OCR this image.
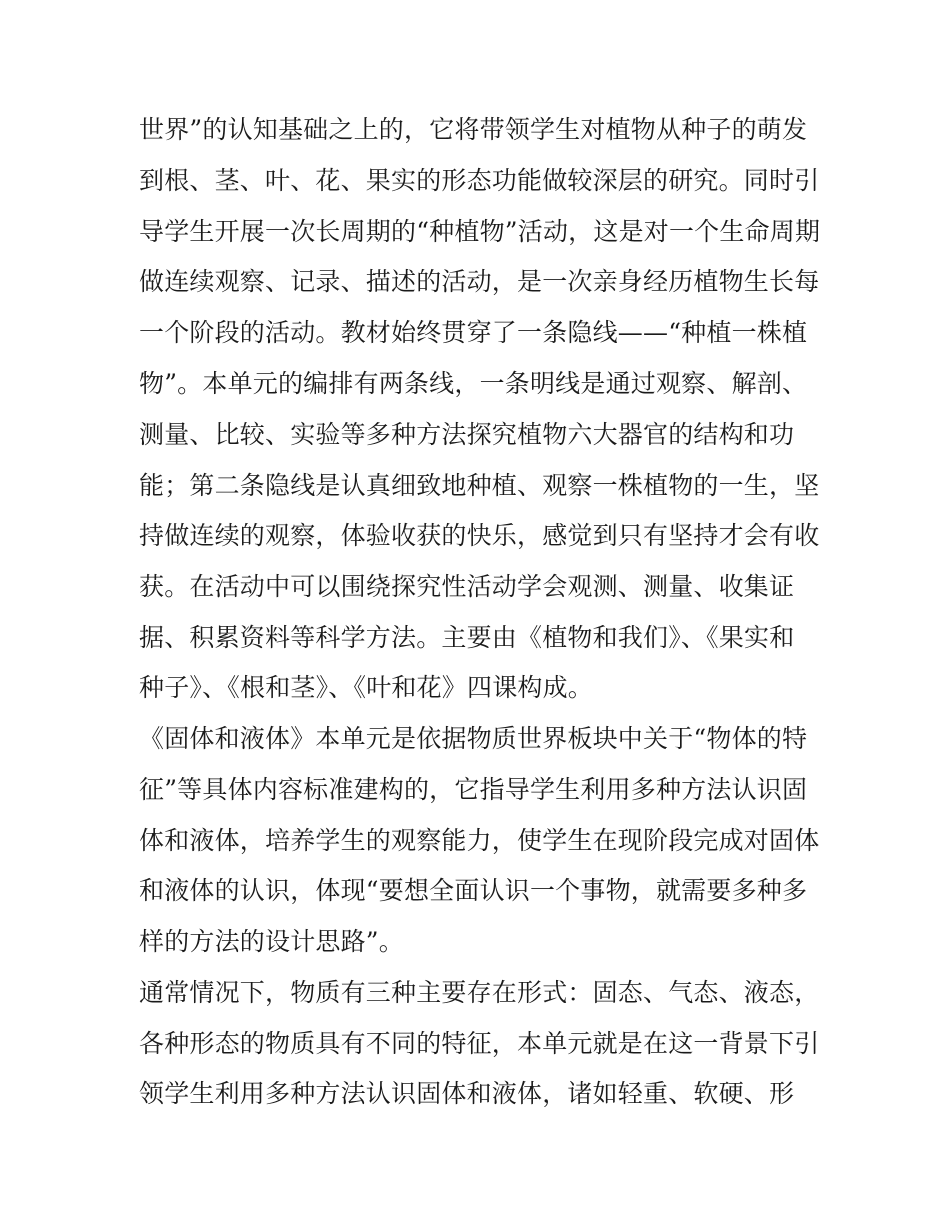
世界”的认知基础之上的，它将带领学生对植物从种子的萌发
到根、茎、叶、花、果实的形态功能做较深层的研究。同时引
导学生开展一次长周期的“种植物”活动，这是对一个生命周期
做连续观察、记录、描述的活动，是一次亲身经历植物生长每
一个阶段的活动。教材始终贯穿了一条隐线——“种植一株植
物”。本单元的编排有两条线，一条明线是通过观察、解剖、
测量、比较、实验等多种方法探究植物六大器官的结构和功
能；第二条隐线是认真细致地种植、观察一株植物的一生，坚
持做连续的观察，体验收获的快乐，感觉到只有坚持才会有收
获。在活动中可以围绕探究性活动学会观测、测量、收集证
据、积累资料等科学方法。主要由《植物和我们》、《果实和
种子》、《根和茎》、《叶和花》四课构成。
《固体和液体》本单元是依据物质世界板块中关于“物体的特
征”等具体内容标准建构的，它指导学生利用多种方法认识固
体和液体，培养学生的观察能力，使学生在现阶段完成对固体
和液体的认识，体现“要想全面认识一个事物，就需要多种多
样的方法的设计思路”。
通常情况下，物质有三种主要存在形式：固态、气态、液态，
各种形态的物质具有不同的特征，本单元就是在这一背景下引
领学生利用多种方法认识固体和液体，诸如轻重、软硬、形
